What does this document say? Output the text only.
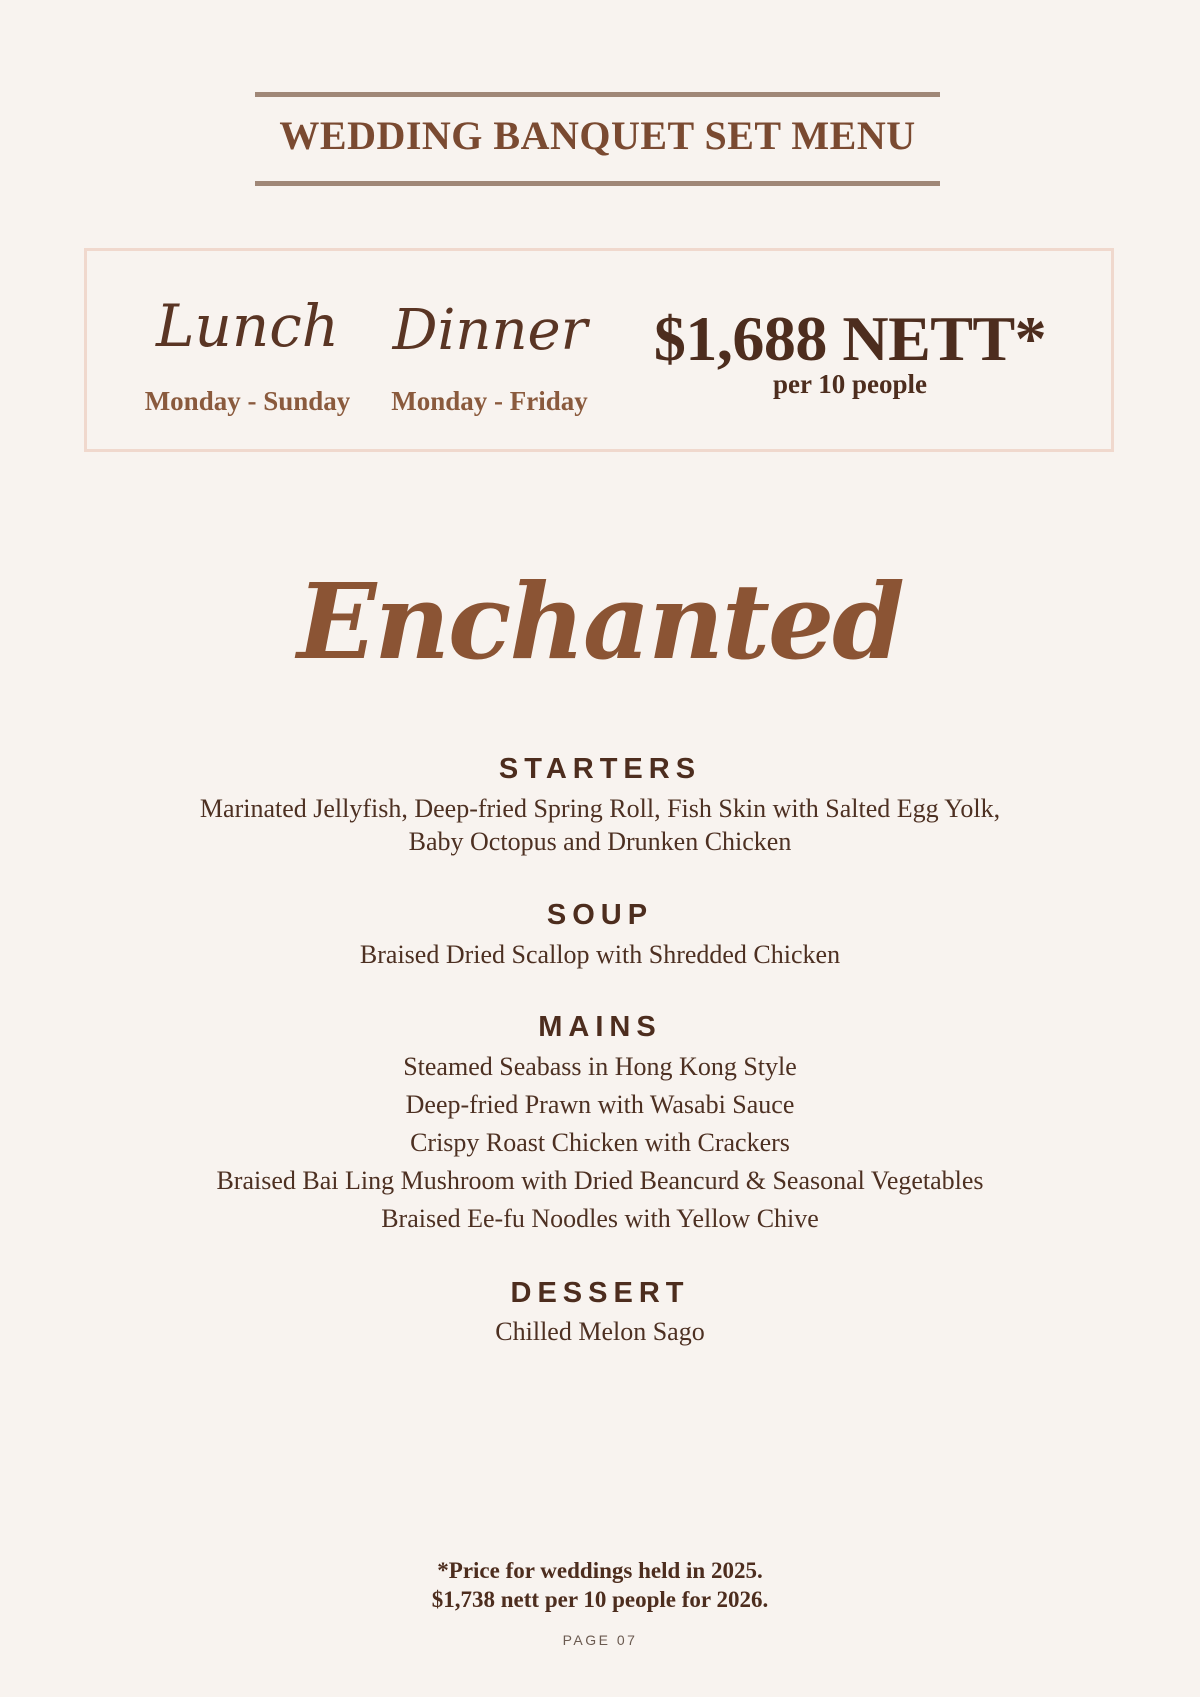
WEDDING BANQUET SET MENU
Lunch
Monday - Sunday
Dinner
Monday - Friday
$1,688 NETT*
per 10 people
Enchanted
STARTERS
Marinated Jellyfish, Deep-fried Spring Roll, Fish Skin with Salted Egg Yolk,
Baby Octopus and Drunken Chicken
SOUP
Braised Dried Scallop with Shredded Chicken
MAINS
Steamed Seabass in Hong Kong Style
Deep-fried Prawn with Wasabi Sauce
Crispy Roast Chicken with Crackers
Braised Bai Ling Mushroom with Dried Beancurd & Seasonal Vegetables
Braised Ee-fu Noodles with Yellow Chive
DESSERT
Chilled Melon Sago
*Price for weddings held in 2025.
$1,738 nett per 10 people for 2026.
PAGE 07
